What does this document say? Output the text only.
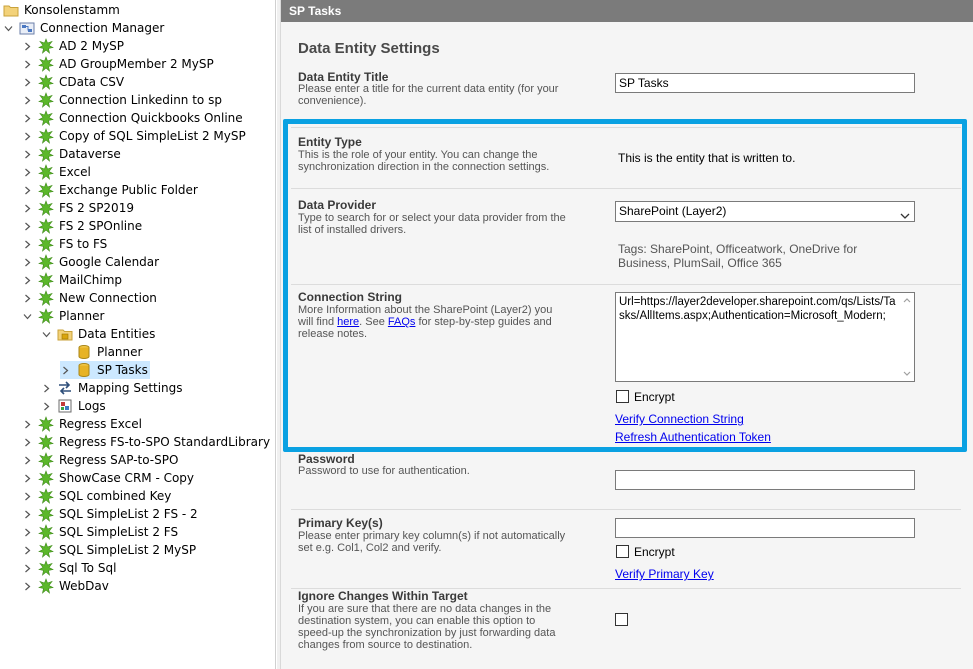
Konsolenstamm
Connection Manager
AD 2 MySP
AD GroupMember 2 MySP
CData CSV
Connection Linkedinn to sp
Connection Quickbooks Online
Copy of SQL SimpleList 2 MySP
Dataverse
Excel
Exchange Public Folder
FS 2 SP2019
FS 2 SPOnline
FS to FS
Google Calendar
MailChimp
New Connection
Planner
Data Entities
Planner
SP Tasks
Mapping Settings
Logs
Regress Excel
Regress FS-to-SPO StandardLibrary
Regress SAP-to-SPO
ShowCase CRM - Copy
SQL combined Key
SQL SimpleList 2 FS - 2
SQL SimpleList 2 FS
SQL SimpleList 2 MySP
Sql To Sql
WebDav
SP Tasks
Data Entity Settings
Data Entity Title
Please enter a title for the current data entity (for your convenience).
SP Tasks
Entity Type
This is the role of your entity. You can change the synchronization direction in the connection settings.
This is the entity that is written to.
Data Provider
Type to search for or select your data provider from the list of installed drivers.
SharePoint (Layer2)
Tags: SharePoint, Officeatwork, OneDrive for Business, PlumSail, Office 365
Connection String
More Information about the SharePoint (Layer2) you will find here. See FAQs for step-by-step guides and release notes.
Url=https://layer2developer.sharepoint.com/qs/Lists/Tasks/AllItems.aspx;Authentication=Microsoft_Modern;
Encrypt
Verify Connection String
Refresh Authentication Token
Password
Password to use for authentication.
Primary Key(s)
Please enter primary key column(s) if not automatically set e.g. Col1, Col2 and verify.	Encrypt
Verify Primary Key
Ignore Changes Within Target
If you are sure that there are no data changes in the destination system, you can enable this option to speed-up the synchronization by just forwarding data changes from source to destination.
